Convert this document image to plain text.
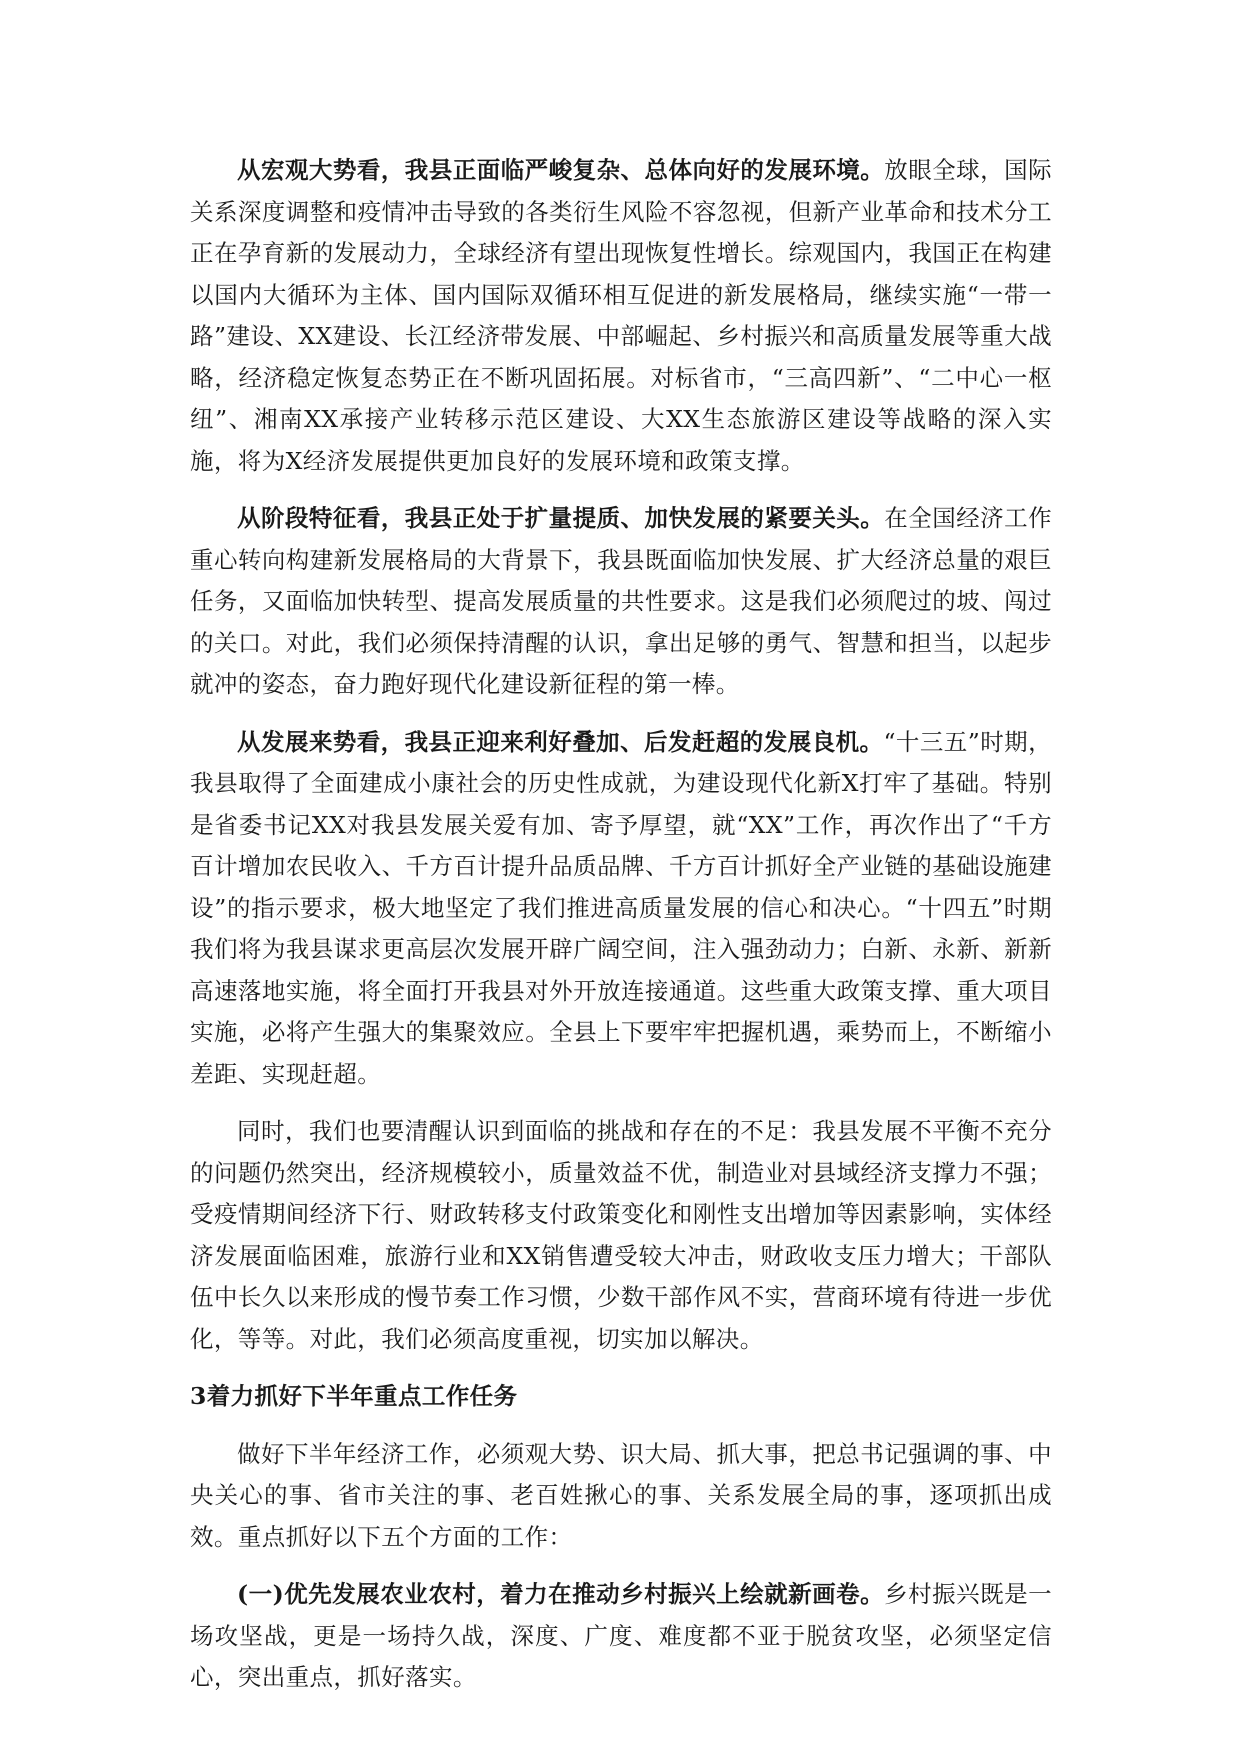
从宏观大势看，我县正面临严峻复杂、总体向好的发展环境。放眼全球，国际关系深度调整和疫情冲击导致的各类衍生风险不容忽视，但新产业革命和技术分工正在孕育新的发展动力，全球经济有望出现恢复性增长。综观国内，我国正在构建以国内大循环为主体、国内国际双循环相互促进的新发展格局，继续实施“一带一路”建设、XX建设、长江经济带发展、中部崛起、乡村振兴和高质量发展等重大战略，经济稳定恢复态势正在不断巩固拓展。对标省市，“三高四新”、“二中心一枢纽”、湘南XX承接产业转移示范区建设、大XX生态旅游区建设等战略的深入实施，将为X经济发展提供更加良好的发展环境和政策支撑。

从阶段特征看，我县正处于扩量提质、加快发展的紧要关头。在全国经济工作重心转向构建新发展格局的大背景下，我县既面临加快发展、扩大经济总量的艰巨任务，又面临加快转型、提高发展质量的共性要求。这是我们必须爬过的坡、闯过的关口。对此，我们必须保持清醒的认识，拿出足够的勇气、智慧和担当，以起步就冲的姿态，奋力跑好现代化建设新征程的第一棒。

从发展来势看，我县正迎来利好叠加、后发赶超的发展良机。“十三五”时期，我县取得了全面建成小康社会的历史性成就，为建设现代化新X打牢了基础。特别是省委书记XX对我县发展关爱有加、寄予厚望，就“XX”工作，再次作出了“千方百计增加农民收入、千方百计提升品质品牌、千方百计抓好全产业链的基础设施建设”的指示要求，极大地坚定了我们推进高质量发展的信心和决心。“十四五”时期我们将为我县谋求更高层次发展开辟广阔空间，注入强劲动力；白新、永新、新新高速落地实施，将全面打开我县对外开放连接通道。这些重大政策支撑、重大项目实施，必将产生强大的集聚效应。全县上下要牢牢把握机遇，乘势而上，不断缩小差距、实现赶超。

同时，我们也要清醒认识到面临的挑战和存在的不足：我县发展不平衡不充分的问题仍然突出，经济规模较小，质量效益不优，制造业对县域经济支撑力不强；受疫情期间经济下行、财政转移支付政策变化和刚性支出增加等因素影响，实体经济发展面临困难，旅游行业和XX销售遭受较大冲击，财政收支压力增大；干部队伍中长久以来形成的慢节奏工作习惯，少数干部作风不实，营商环境有待进一步优化，等等。对此，我们必须高度重视，切实加以解决。

3着力抓好下半年重点工作任务

做好下半年经济工作，必须观大势、识大局、抓大事，把总书记强调的事、中央关心的事、省市关注的事、老百姓揪心的事、关系发展全局的事，逐项抓出成效。重点抓好以下五个方面的工作：

(一)优先发展农业农村，着力在推动乡村振兴上绘就新画卷。乡村振兴既是一场攻坚战，更是一场持久战，深度、广度、难度都不亚于脱贫攻坚，必须坚定信心，突出重点，抓好落实。
